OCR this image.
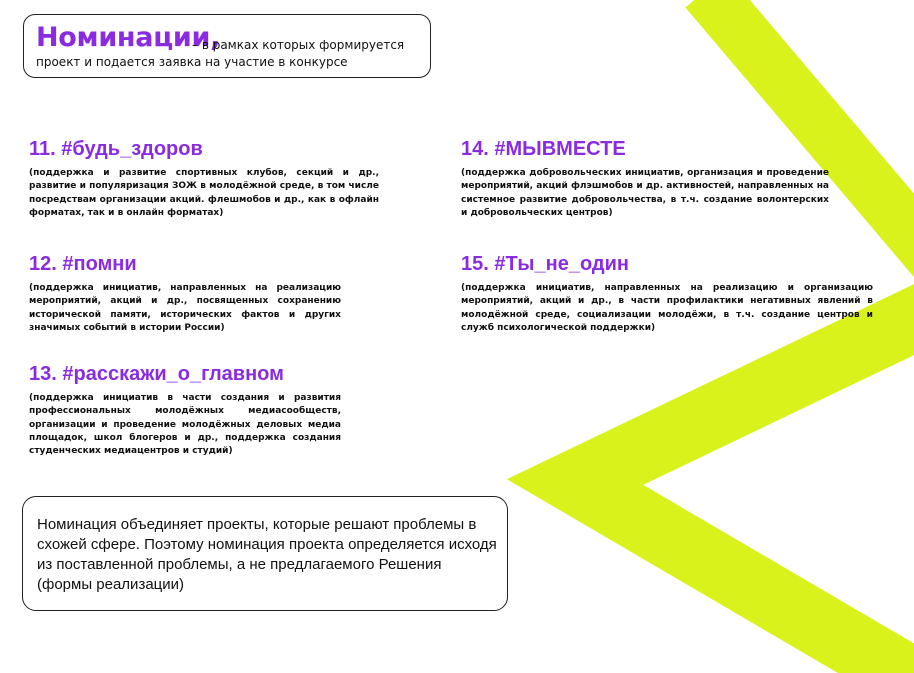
Номинации,
– в рамках которых формируется
проект и подается заявка на участие в конкурсе
11. #будь_здоров
(поддержка и развитие спортивных клубов, секций и др., развитие и популяризация ЗОЖ в молодёжной среде, в том числе посредствам организации акций. флешмобов и др., как в офлайн форматах, так и в онлайн форматах)
12. #помни
(поддержка инициатив, направленных на реализацию мероприятий, акций и др., посвященных сохранению исторической памяти, исторических фактов и других значимых событий в истории России)
13. #расскажи_о_главном
(поддержка инициатив в части создания и развития профессиональных молодёжных медиасообществ, организации и проведение молодёжных деловых медиа площадок, школ блогеров и др., поддержка создания студенческих медиацентров и студий)
14. #МЫВМЕСТЕ
(поддержка добровольческих инициатив, организация и проведение мероприятий, акций флэшмобов и др. активностей, направленных на системное развитие добровольчества, в т.ч. создание волонтерских и добровольческих центров)
15. #Ты_не_один
(поддержка инициатив, направленных на реализацию и организацию мероприятий, акций и др., в части профилактики негативных явлений в молодёжной среде, социализации молодёжи, в т.ч. создание центров и служб психологической поддержки)
Номинация объединяет проекты, которые решают проблемы в схожей сфере. Поэтому номинация проекта определяется исходя из поставленной проблемы, а не предлагаемого Решения (формы реализации)
